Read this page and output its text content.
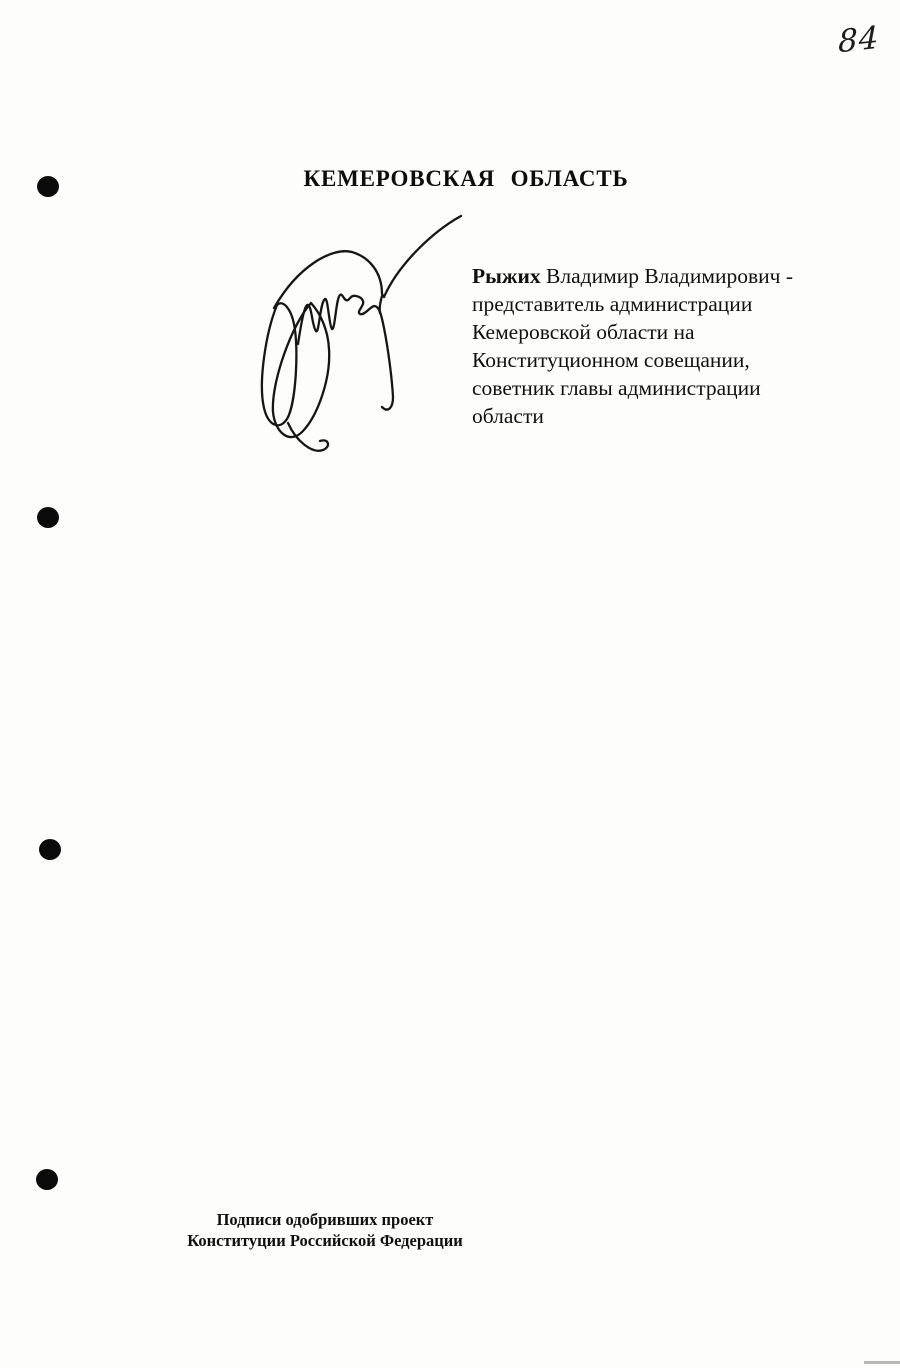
84
КЕМЕРОВСКАЯ ОБЛАСТЬ
Рыжих Владимир Владимирович -
представитель администрации
Кемеровской области на
Конституционном совещании,
советник главы администрации
области
Подписи одобривших проект
Конституции Российской Федерации
